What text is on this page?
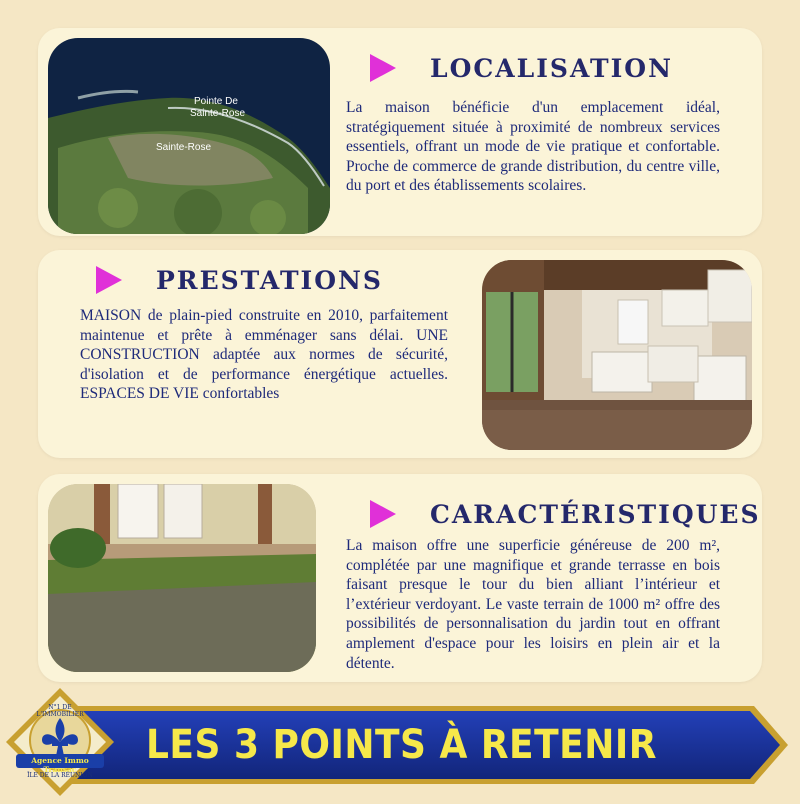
Pointe De
Sainte-Rose
Sainte-Rose
LOCALISATION

La maison bénéficie d'un emplacement idéal, stratégiquement située à proximité de nombreux services essentiels, offrant un mode de vie pratique et confortable. Proche de commerce de grande distribution, du centre ville, du port et des établissements scolaires.

PRESTATIONS

MAISON de plain-pied construite en 2010, parfaitement maintenue et prête à emménager sans délai. UNE CONSTRUCTION adaptée aux normes de sécurité, d'isolation et de performance énergétique actuelles. ESPACES DE VIE confortables

CARACTÉRISTIQUES

La maison offre une superficie généreuse de 200 m², complétée par une magnifique et grande terrasse en bois faisant presque le tour du bien alliant l’intérieur et l’extérieur verdoyant. Le vaste terrain de 1000 m² offre des possibilités de personnalisation du jardin tout en offrant amplement d'espace pour les loisirs en plein air et la détente.

LES 3 POINTS À RETENIR
N°1 DE L'IMMOBILIER
Agence Immo Transac
ÎLE DE LA RÉUNION
